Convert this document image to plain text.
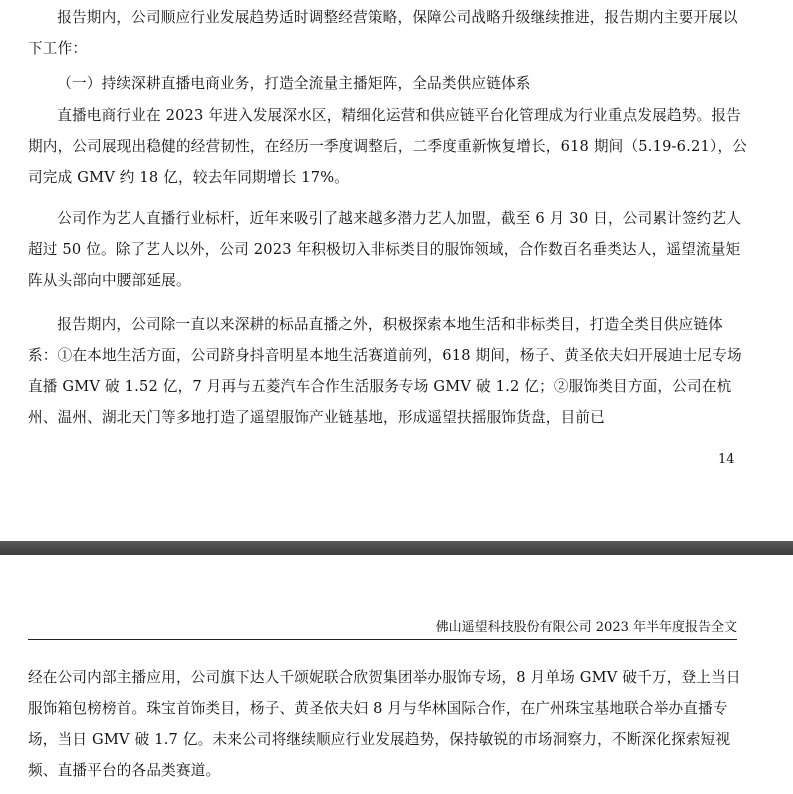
报告期内，公司顺应行业发展趋势适时调整经营策略，保障公司战略升级继续推进，报告期内主要开展以下工作：

（一）持续深耕直播电商业务，打造全流量主播矩阵，全品类供应链体系

直播电商行业在 2023 年进入发展深水区，精细化运营和供应链平台化管理成为行业重点发展趋势。报告期内，公司展现出稳健的经营韧性，在经历一季度调整后，二季度重新恢复增长，618 期间（5.19-6.21），公司完成 GMV 约 18 亿，较去年同期增长 17%。

公司作为艺人直播行业标杆，近年来吸引了越来越多潜力艺人加盟，截至 6 月 30 日，公司累计签约艺人超过 50 位。除了艺人以外，公司 2023 年积极切入非标类目的服饰领域，合作数百名垂类达人，遥望流量矩阵从头部向中腰部延展。

报告期内，公司除一直以来深耕的标品直播之外，积极探索本地生活和非标类目，打造全类目供应链体系：①在本地生活方面，公司跻身抖音明星本地生活赛道前列，618 期间，杨子、黄圣依夫妇开展迪士尼专场直播 GMV 破 1.52 亿，7 月再与五菱汽车合作生活服务专场 GMV 破 1.2 亿；②服饰类目方面，公司在杭州、温州、湖北天门等多地打造了遥望服饰产业链基地，形成遥望扶摇服饰货盘，目前已

14
佛山遥望科技股份有限公司 2023 年半年度报告全文

经在公司内部主播应用，公司旗下达人千颂妮联合欣贺集团举办服饰专场，8 月单场 GMV 破千万，登上当日服饰箱包榜榜首。珠宝首饰类目，杨子、黄圣依夫妇 8 月与华林国际合作，在广州珠宝基地联合举办直播专场，当日 GMV 破 1.7 亿。未来公司将继续顺应行业发展趋势，保持敏锐的市场洞察力，不断深化探索短视频、直播平台的各品类赛道。
